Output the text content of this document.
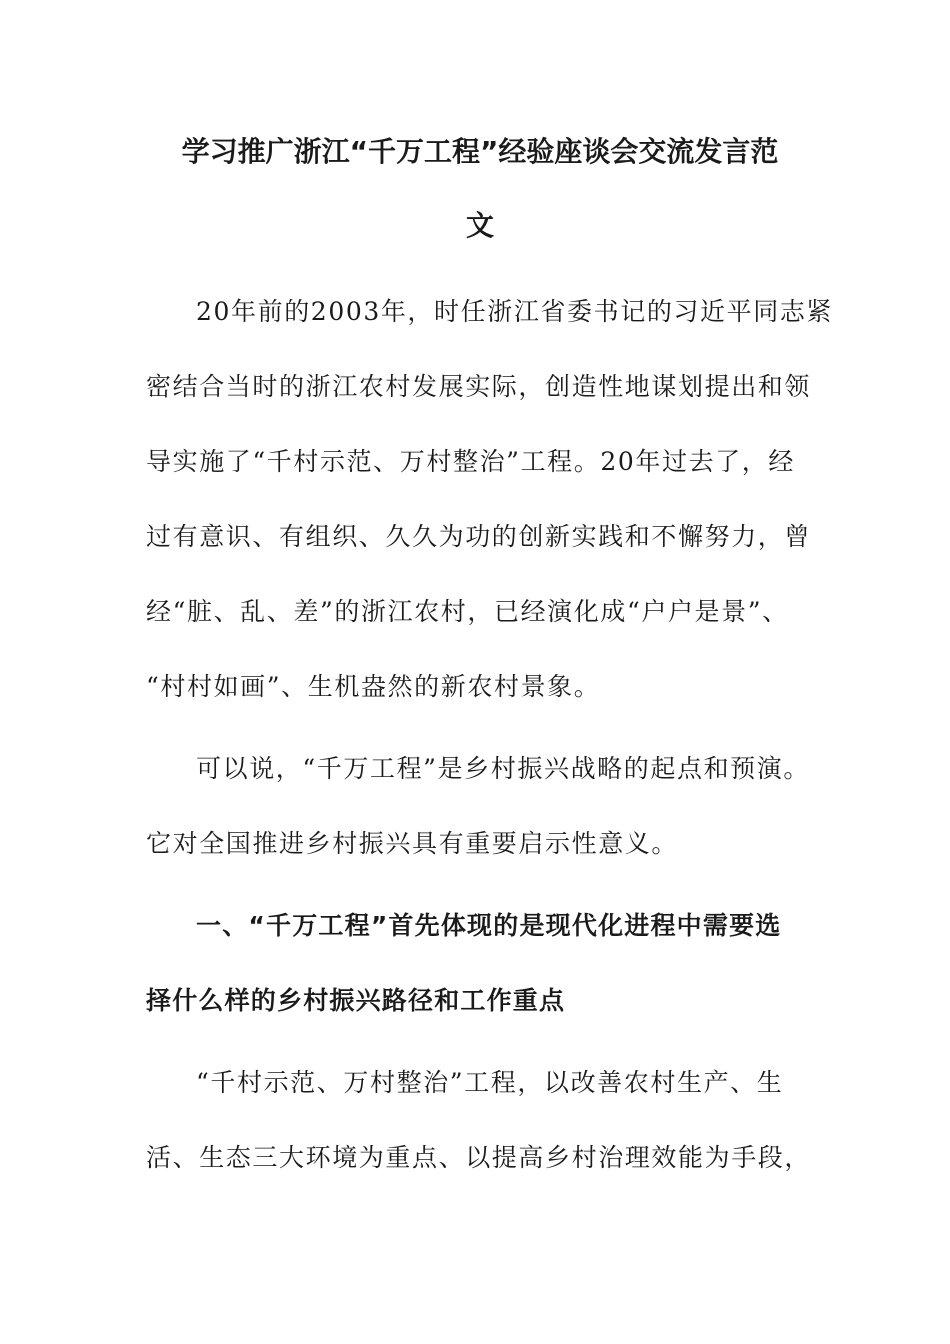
学习推广浙江“千万工程”经验座谈会交流发言范
文
20年前的2003年，时任浙江省委书记的习近平同志紧
密结合当时的浙江农村发展实际，创造性地谋划提出和领
导实施了“千村示范、万村整治”工程。20年过去了，经
过有意识、有组织、久久为功的创新实践和不懈努力，曾
经“脏、乱、差”的浙江农村，已经演化成“户户是景”、
“村村如画”、生机盎然的新农村景象。
可以说，“千万工程”是乡村振兴战略的起点和预演。
它对全国推进乡村振兴具有重要启示性意义。
一、“千万工程”首先体现的是现代化进程中需要选
择什么样的乡村振兴路径和工作重点
“千村示范、万村整治”工程，以改善农村生产、生
活、生态三大环境为重点、以提高乡村治理效能为手段，
